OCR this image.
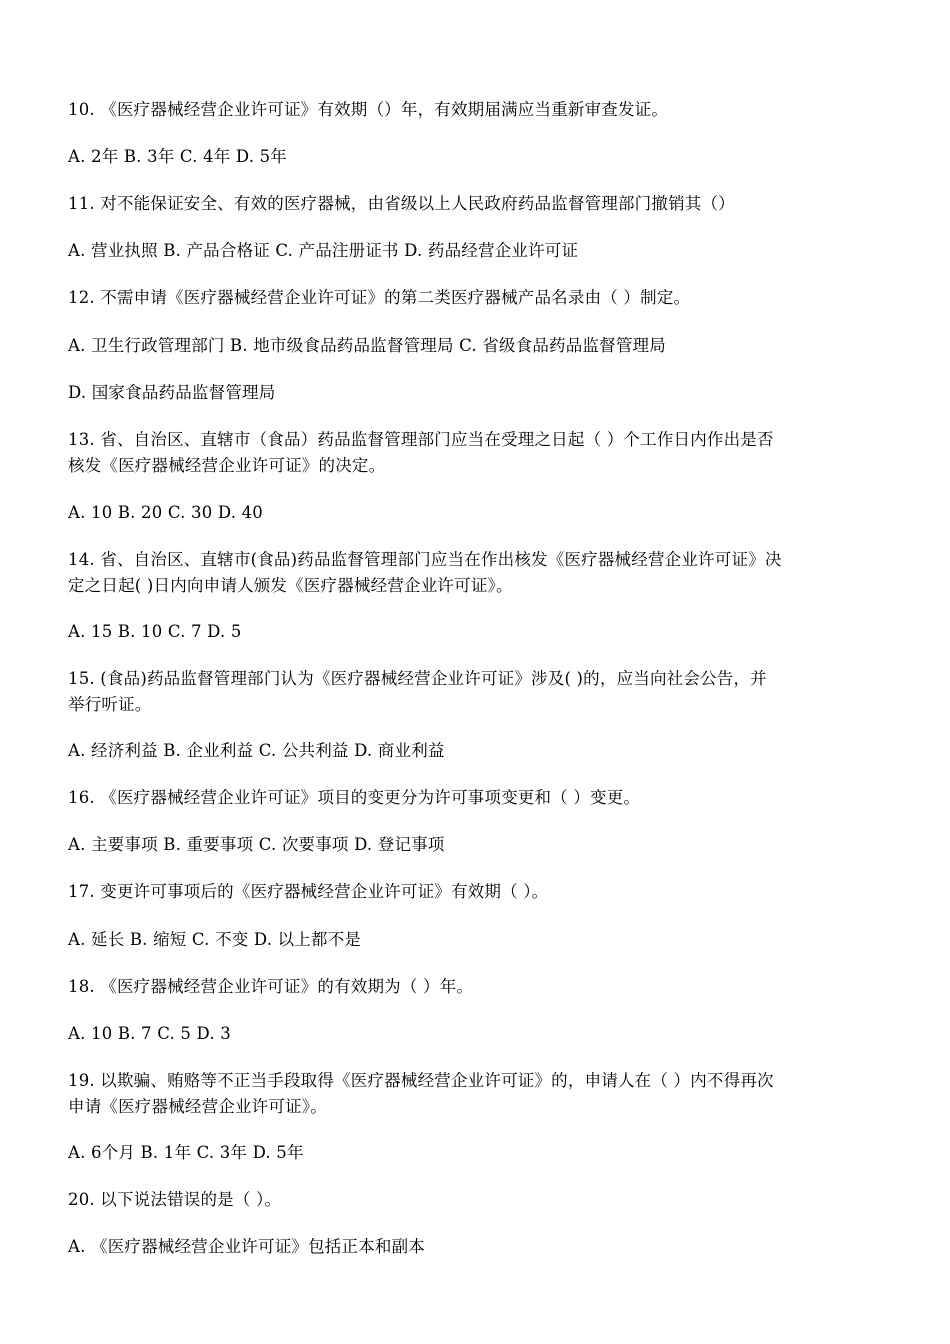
10. 《医疗器械经营企业许可证》有效期（）年，有效期届满应当重新审查发证。
A. 2年 B. 3年 C. 4年 D. 5年
11. 对不能保证安全、有效的医疗器械，由省级以上人民政府药品监督管理部门撤销其（）
A. 营业执照 B. 产品合格证 C. 产品注册证书 D. 药品经营企业许可证
12. 不需申请《医疗器械经营企业许可证》的第二类医疗器械产品名录由（ ）制定。
A. 卫生行政管理部门 B. 地市级食品药品监督管理局 C. 省级食品药品监督管理局
D. 国家食品药品监督管理局
13. 省、自治区、直辖市（食品）药品监督管理部门应当在受理之日起（ ）个工作日内作出是否
核发《医疗器械经营企业许可证》的决定。
A. 10 B. 20 C. 30 D. 40
14. 省、自治区、直辖市(食品)药品监督管理部门应当在作出核发《医疗器械经营企业许可证》决
定之日起( )日内向申请人颁发《医疗器械经营企业许可证》。
A. 15 B. 10 C. 7 D. 5
15. (食品)药品监督管理部门认为《医疗器械经营企业许可证》涉及( )的，应当向社会公告，并
举行听证。
A. 经济利益 B. 企业利益 C. 公共利益 D. 商业利益
16. 《医疗器械经营企业许可证》项目的变更分为许可事项变更和（ ）变更。
A. 主要事项 B. 重要事项 C. 次要事项 D. 登记事项
17. 变更许可事项后的《医疗器械经营企业许可证》有效期（ ）。
A. 延长 B. 缩短 C. 不变 D. 以上都不是
18. 《医疗器械经营企业许可证》的有效期为（ ）年。
A. 10 B. 7 C. 5 D. 3
19. 以欺骗、贿赂等不正当手段取得《医疗器械经营企业许可证》的，申请人在（ ）内不得再次
申请《医疗器械经营企业许可证》。
A. 6个月 B. 1年 C. 3年 D. 5年
20. 以下说法错误的是（ ）。
A. 《医疗器械经营企业许可证》包括正本和副本
